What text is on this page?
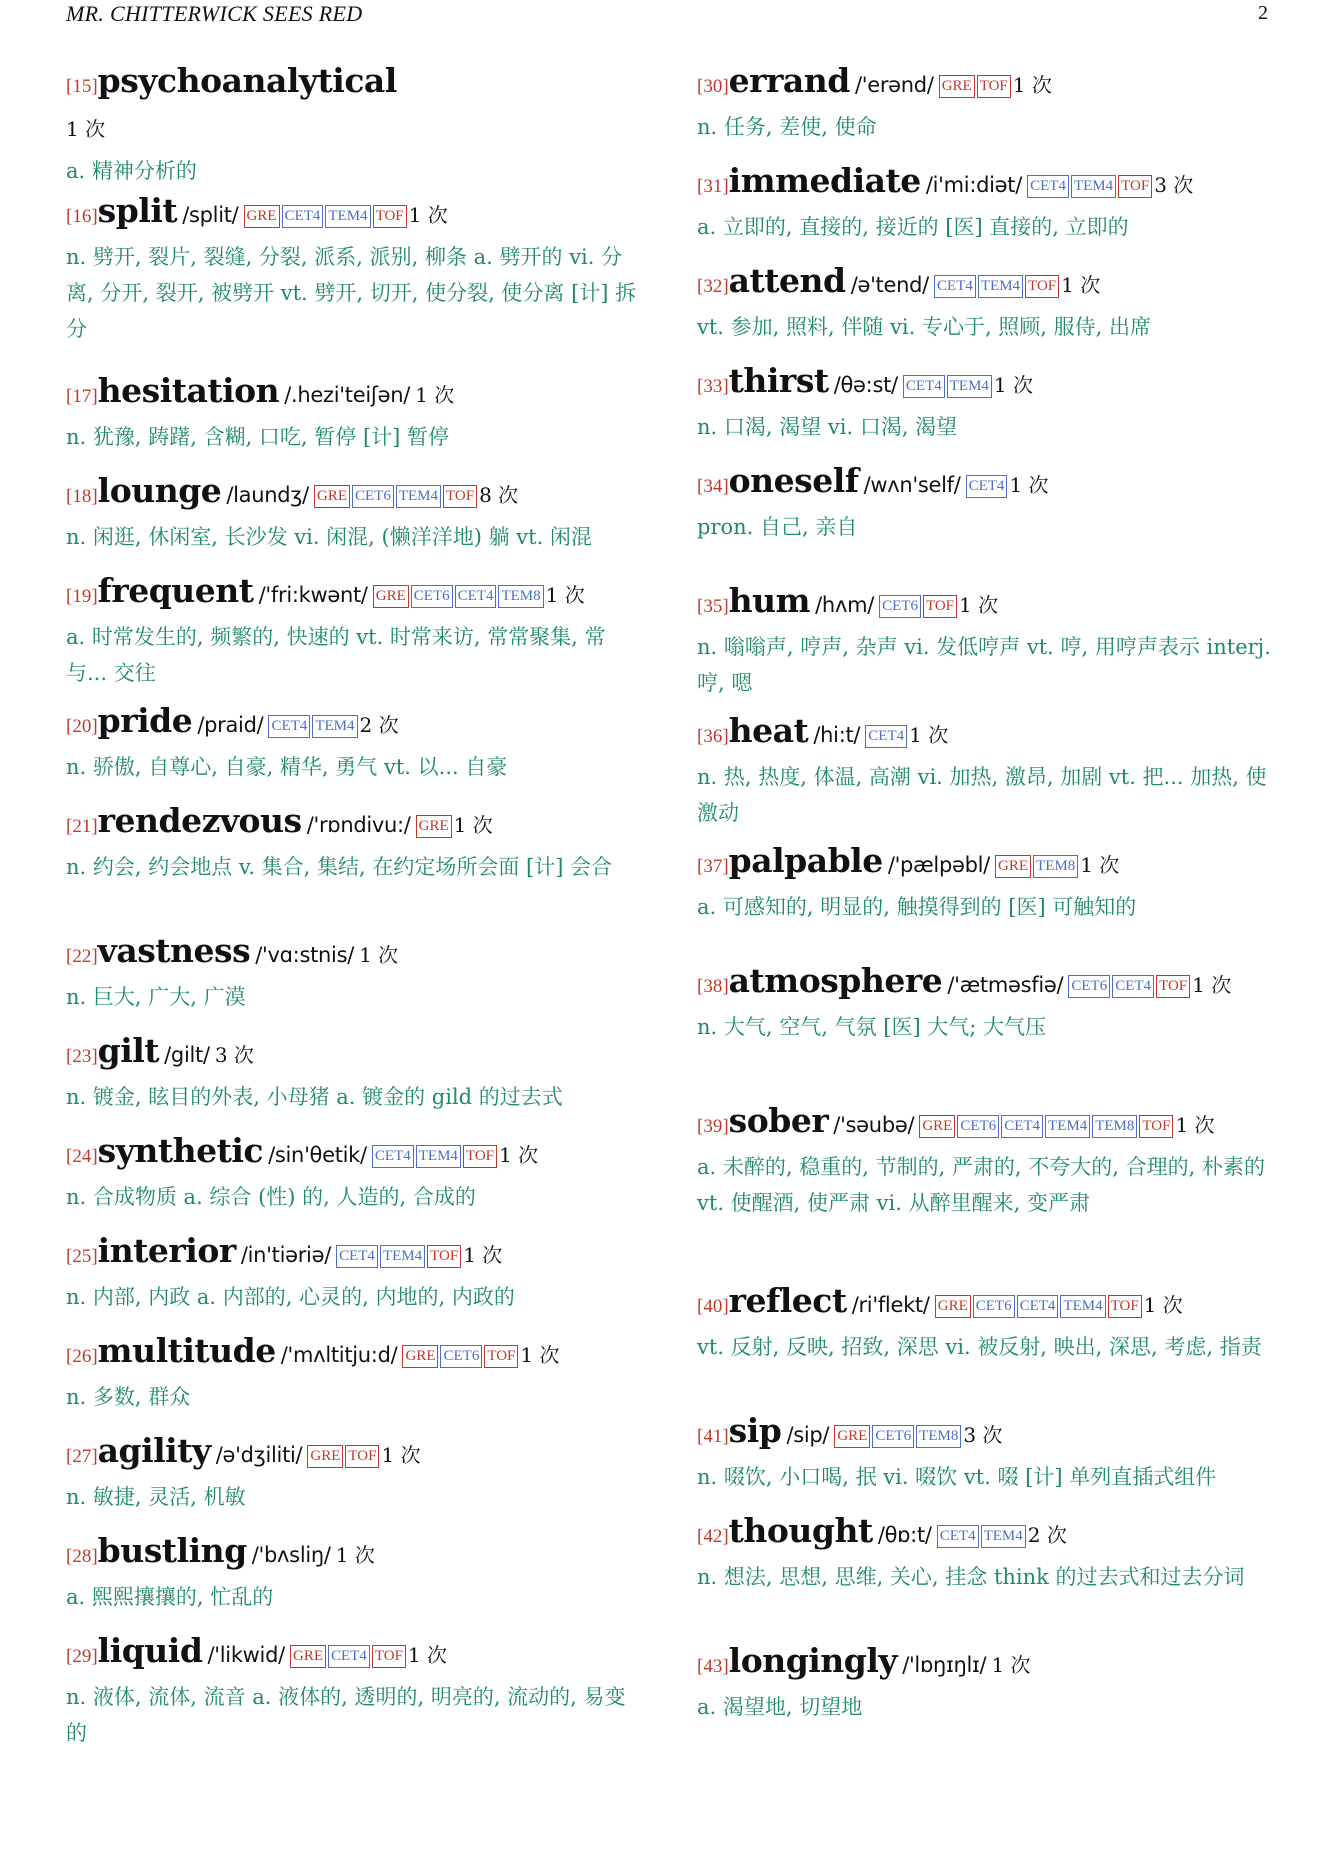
MR. CHITTERWICK SEES RED	2
[15]psychoanalytical
1 次
a. 精神分析的
[16]split /split/ GRE CET4 TEM4 TOF 1 次
n. 劈开, 裂片, 裂缝, 分裂, 派系, 派别, 柳条 a. 劈开的 vi. 分离, 分开, 裂开, 被劈开 vt. 劈开, 切开, 使分裂, 使分离 [计] 拆分
[17]hesitation /.hezi'teiʃən/ 1 次
n. 犹豫, 踌躇, 含糊, 口吃, 暂停 [计] 暂停
[18]lounge /laundʒ/ GRE CET6 TEM4 TOF 8 次
n. 闲逛, 休闲室, 长沙发 vi. 闲混, (懒洋洋地) 躺 vt. 闲混
[19]frequent /'fri:kwənt/ GRE CET6 CET4 TEM8 1 次
a. 时常发生的, 频繁的, 快速的 vt. 时常来访, 常常聚集, 常与... 交往
[20]pride /praid/ CET4 TEM4 2 次
n. 骄傲, 自尊心, 自豪, 精华, 勇气 vt. 以... 自豪
[21]rendezvous /'rɒndivu:/ GRE 1 次
n. 约会, 约会地点 v. 集合, 集结, 在约定场所会面 [计] 会合
[22]vastness /'vɑ:stnis/ 1 次
n. 巨大, 广大, 广漠
[23]gilt /gilt/ 3 次
n. 镀金, 眩目的外表, 小母猪 a. 镀金的 gild 的过去式
[24]synthetic /sin'θetik/ CET4 TEM4 TOF 1 次
n. 合成物质 a. 综合 (性) 的, 人造的, 合成的
[25]interior /in'tiəriə/ CET4 TEM4 TOF 1 次
n. 内部, 内政 a. 内部的, 心灵的, 内地的, 内政的
[26]multitude /'mʌltitju:d/ GRE CET6 TOF 1 次
n. 多数, 群众
[27]agility /ə'dʒiliti/ GRE TOF 1 次
n. 敏捷, 灵活, 机敏
[28]bustling /'bʌsliŋ/ 1 次
a. 熙熙攘攘的, 忙乱的
[29]liquid /'likwid/ GRE CET4 TOF 1 次
n. 液体, 流体, 流音 a. 液体的, 透明的, 明亮的, 流动的, 易变的
[30]errand /'erənd/ GRE TOF 1 次
n. 任务, 差使, 使命
[31]immediate /i'mi:diət/ CET4 TEM4 TOF 3 次
a. 立即的, 直接的, 接近的 [医] 直接的, 立即的
[32]attend /ə'tend/ CET4 TEM4 TOF 1 次
vt. 参加, 照料, 伴随 vi. 专心于, 照顾, 服侍, 出席
[33]thirst /θə:st/ CET4 TEM4 1 次
n. 口渴, 渴望 vi. 口渴, 渴望
[34]oneself /wʌn'self/ CET4 1 次
pron. 自己, 亲自
[35]hum /hʌm/ CET6 TOF 1 次
n. 嗡嗡声, 哼声, 杂声 vi. 发低哼声 vt. 哼, 用哼声表示 interj. 哼, 嗯
[36]heat /hi:t/ CET4 1 次
n. 热, 热度, 体温, 高潮 vi. 加热, 激昂, 加剧 vt. 把... 加热, 使激动
[37]palpable /'pælpəbl/ GRE TEM8 1 次
a. 可感知的, 明显的, 触摸得到的 [医] 可触知的
[38]atmosphere /'ætməsfiə/ CET6 CET4 TOF 1 次
n. 大气, 空气, 气氛 [医] 大气; 大气压
[39]sober /'səubə/ GRE CET6 CET4 TEM4 TEM8 TOF 1 次
a. 未醉的, 稳重的, 节制的, 严肃的, 不夸大的, 合理的, 朴素的 vt. 使醒酒, 使严肃 vi. 从醉里醒来, 变严肃
[40]reflect /ri'flekt/ GRE CET6 CET4 TEM4 TOF 1 次
vt. 反射, 反映, 招致, 深思 vi. 被反射, 映出, 深思, 考虑, 指责
[41]sip /sip/ GRE CET6 TEM8 3 次
n. 啜饮, 小口喝, 抿 vi. 啜饮 vt. 啜 [计] 单列直插式组件
[42]thought /θɒ:t/ CET4 TEM4 2 次
n. 想法, 思想, 思维, 关心, 挂念 think 的过去式和过去分词
[43]longingly /'lɒŋɪŋlɪ/ 1 次
a. 渴望地, 切望地
